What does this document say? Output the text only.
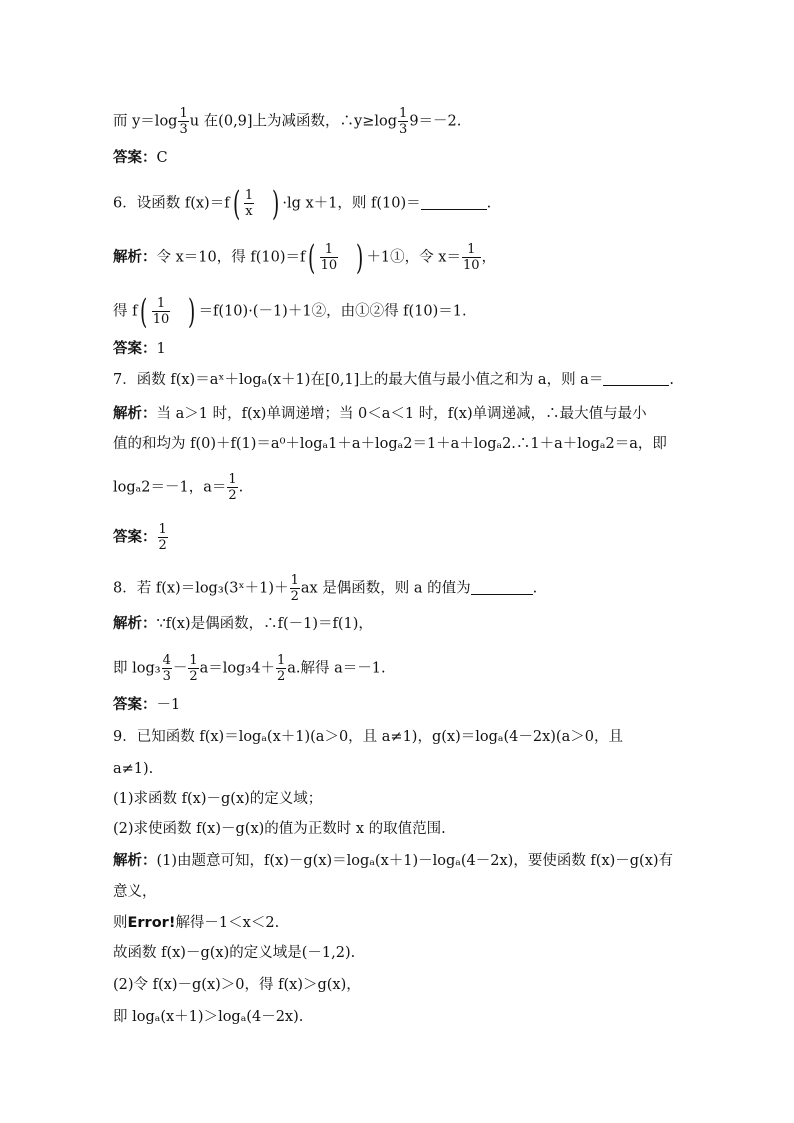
而 $y=\log \frac{1}{3}$ u 在(0,9]上为减函数，∴y≥log $\frac{1}{3} 9=-2$.
答案：C
6．设函数 $f(x)=f( \frac{1}{x}$ ) ·lg x＋1，则 f(10)＝	.
解析：令 x＝10，得 $f(10)=f( \frac{1}{10}$ ) ＋1①，令 $x= \frac{1}{10}$ ，
得 $f( \frac{1}{10}$ ) ＝f(10)·(－1)＋1②，由①②得 f(10)＝1.
答案：1
7．函数 f(x)＝aˣ＋logₐ(x＋1)在[0,1]上的最大值与最小值之和为 a，则 a＝	.
解析：当 a＞1 时，f(x)单调递增；当 0＜a＜1 时，f(x)单调递减，∴最大值与最小
值的和均为 f(0)＋f(1)＝a⁰＋logₐ1＋a＋logₐ2＝1＋a＋logₐ2.∴1＋a＋logₐ2＝a，即
logₐ2＝－1，$a= \frac{1}{2}$ .
答案： $\frac{1}{2}$
8．若 f(x)＝log₃(3ˣ＋1)＋ $\frac{1}{2}$ ax 是偶函数，则 a 的值为	.
解析：∵f(x)是偶函数，∴f(－1)＝f(1)，
即 $\log_3 \frac{4}{3} - \frac{1}{2} a=\log_34+ \frac{1}{2} a$.解得 a＝－1.
答案：－1
9．已知函数 f(x)＝logₐ(x＋1)(a＞0，且 a≠1)，g(x)＝logₐ(4－2x)(a＞0，且
a≠1).
(1)求函数 f(x)－g(x)的定义域；
(2)求使函数 f(x)－g(x)的值为正数时 x 的取值范围.
解析：(1)由题意可知，f(x)－g(x)＝logₐ(x＋1)－logₐ(4－2x)，要使函数 f(x)－g(x)有
意义，
则Error!解得－1＜x＜2.
故函数 f(x)－g(x)的定义域是(－1,2).
(2)令 f(x)－g(x)＞0，得 f(x)＞g(x)，
即 logₐ(x＋1)＞logₐ(4－2x).
